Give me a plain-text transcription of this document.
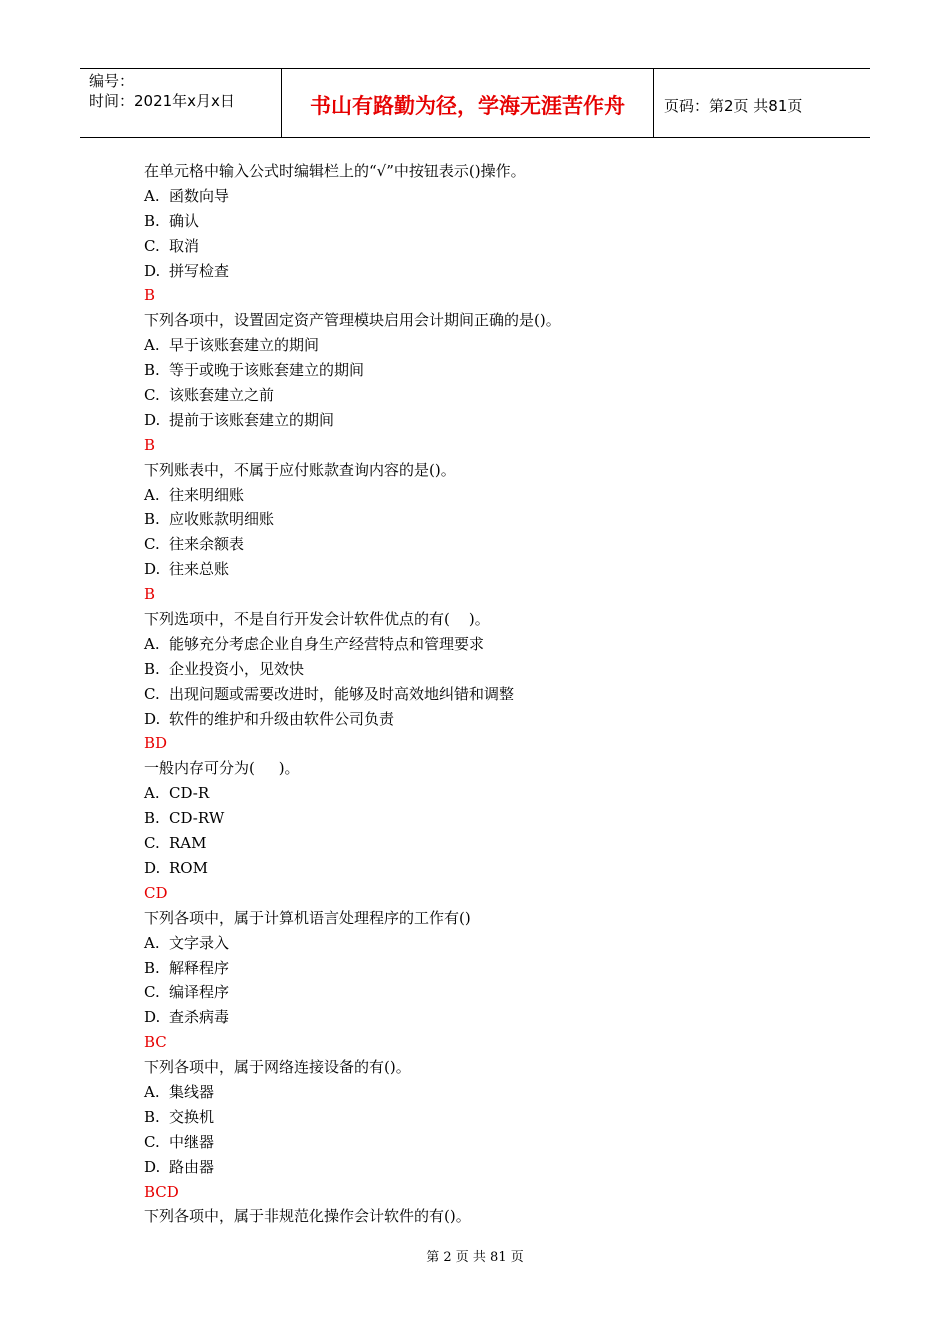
编号：
时间：2021年x月x日	书山有路勤为径，学海无涯苦作舟	页码：第2页 共81页
在单元格中输入公式时编辑栏上的“√”中按钮表示()操作。
A. 函数向导
B. 确认
C. 取消
D. 拼写检查
B
下列各项中，设置固定资产管理模块启用会计期间正确的是()。
A. 早于该账套建立的期间
B. 等于或晚于该账套建立的期间
C. 该账套建立之前
D. 提前于该账套建立的期间
B
下列账表中，不属于应付账款查询内容的是()。
A. 往来明细账
B. 应收账款明细账
C. 往来余额表
D. 往来总账
B
下列选项中，不是自行开发会计软件优点的有(    )。
A. 能够充分考虑企业自身生产经营特点和管理要求
B. 企业投资小，见效快
C. 出现问题或需要改进时，能够及时高效地纠错和调整
D. 软件的维护和升级由软件公司负责
BD
一般内存可分为(     )。
A. CD-R
B. CD-RW
C. RAM
D. ROM
CD
下列各项中，属于计算机语言处理程序的工作有()
A. 文字录入
B. 解释程序
C. 编译程序
D. 查杀病毒
BC
下列各项中，属于网络连接设备的有()。
A. 集线器
B. 交换机
C. 中继器
D. 路由器
BCD
下列各项中，属于非规范化操作会计软件的有()。
第 2 页 共 81 页
